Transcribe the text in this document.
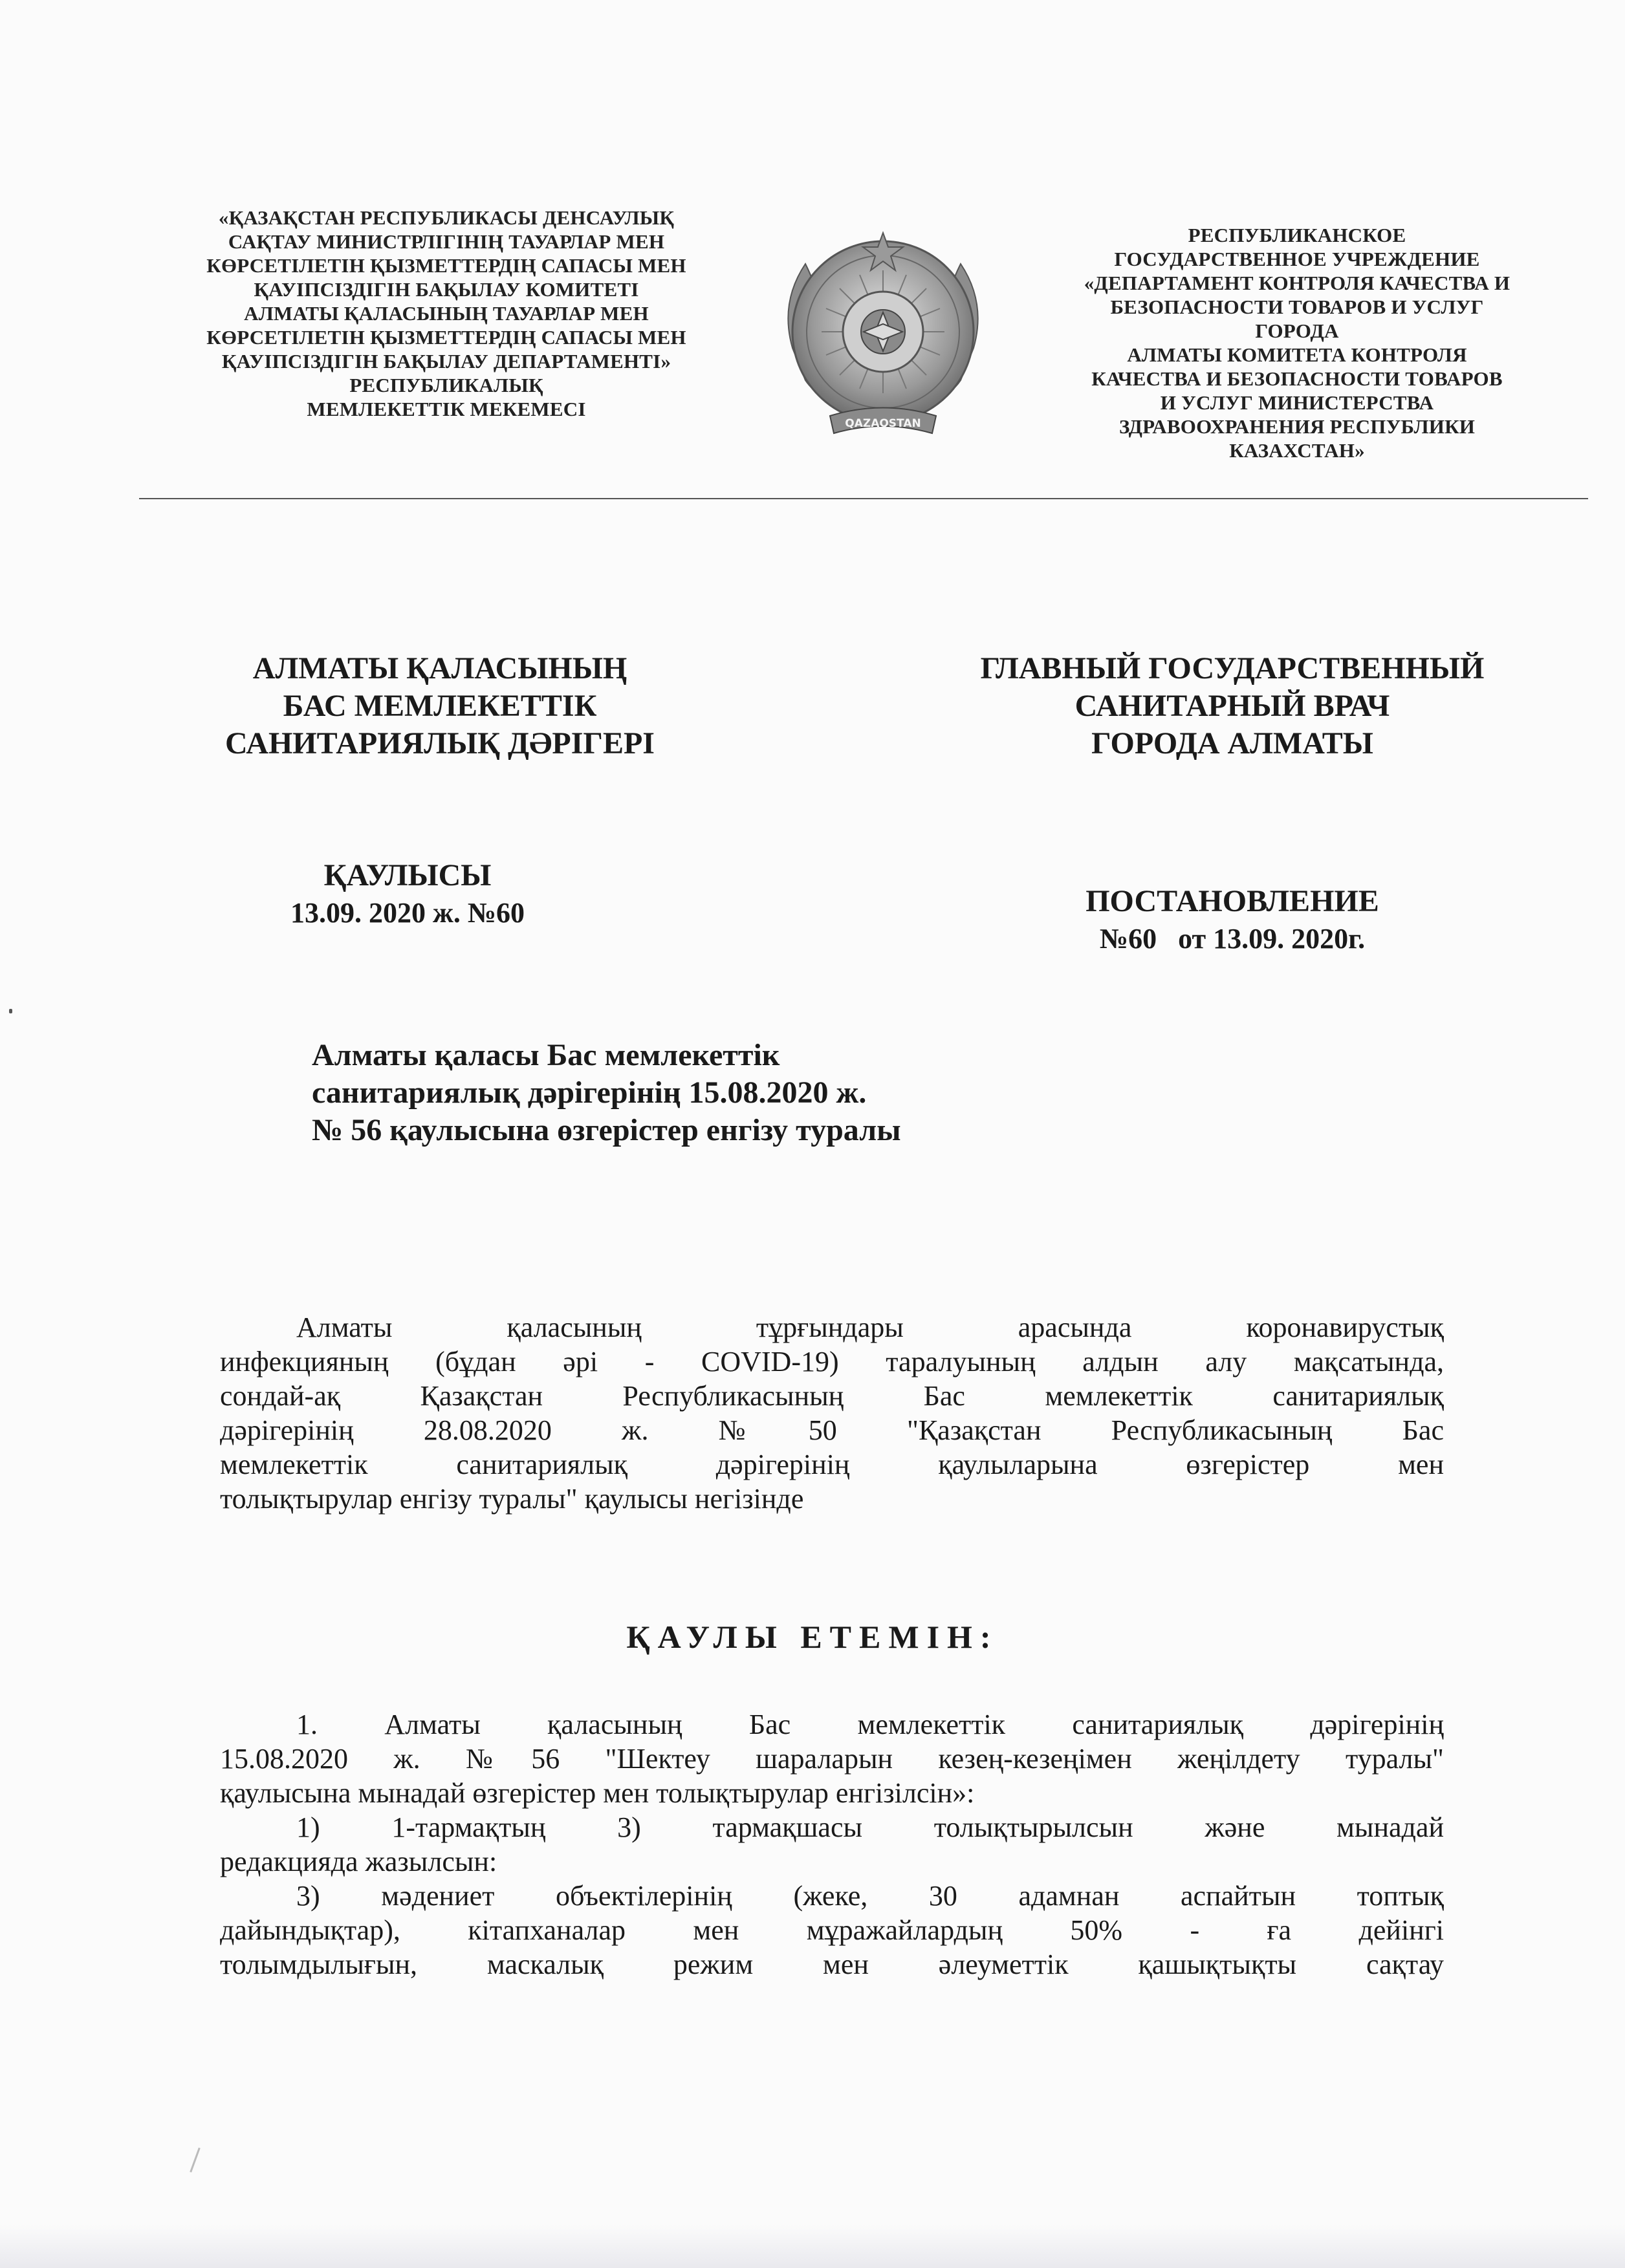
«ҚАЗАҚСТАН РЕСПУБЛИКАСЫ ДЕНСАУЛЫҚ
САҚТАУ МИНИСТРЛІГІНІҢ ТАУАРЛАР МЕН
КӨРСЕТІЛЕТІН ҚЫЗМЕТТЕРДІҢ САПАСЫ МЕН
ҚАУІПСІЗДІГІН БАҚЫЛАУ КОМИТЕТІ
АЛМАТЫ ҚАЛАСЫНЫҢ ТАУАРЛАР МЕН
КӨРСЕТІЛЕТІН ҚЫЗМЕТТЕРДІҢ САПАСЫ МЕН
ҚАУІПСІЗДІГІН БАҚЫЛАУ ДЕПАРТАМЕНТІ»
РЕСПУБЛИКАЛЫҚ
МЕМЛЕКЕТТІК МЕКЕМЕСІ
QAZAQSTAN
РЕСПУБЛИКАНСКОЕ
ГОСУДАРСТВЕННОЕ УЧРЕЖДЕНИЕ
«ДЕПАРТАМЕНТ КОНТРОЛЯ КАЧЕСТВА И
БЕЗОПАСНОСТИ ТОВАРОВ И УСЛУГ
ГОРОДА
АЛМАТЫ КОМИТЕТА КОНТРОЛЯ
КАЧЕСТВА И БЕЗОПАСНОСТИ ТОВАРОВ
И УСЛУГ МИНИСТЕРСТВА
ЗДРАВООХРАНЕНИЯ РЕСПУБЛИКИ
КАЗАХСТАН»
АЛМАТЫ ҚАЛАСЫНЫҢ
БАС МЕМЛЕКЕТТІК
САНИТАРИЯЛЫҚ ДӘРІГЕРІ
ГЛАВНЫЙ ГОСУДАРСТВЕННЫЙ
САНИТАРНЫЙ ВРАЧ
ГОРОДА АЛМАТЫ
ҚАУЛЫСЫ
13.09. 2020 ж. №60	ПОСТАНОВЛЕНИЕ
№60   от 13.09. 2020г.
Алматы қаласы Бас мемлекеттік
санитариялық дәрігерінің 15.08.2020 ж.
№ 56 қаулысына өзгерістер енгізу туралы
Алматы қаласының тұрғындары арасында коронавирустық
инфекцияның (бұдан әрі - COVID-19) таралуының алдын алу мақсатында,
сондай-ақ Қазақстан Республикасының Бас мемлекеттік санитариялық
дәрігерінің 28.08.2020 ж. №50 "Қазақстан Республикасының Бас
мемлекеттік санитариялық дәрігерінің қаулыларына өзгерістер мен
толықтырулар енгізу туралы" қаулысы негізінде
ҚАУЛЫ ЕТЕМІН:
1. Алматы қаласының Бас мемлекеттік санитариялық дәрігерінің
15.08.2020 ж. №56 "Шектеу шараларын кезең-кезеңімен жеңілдету туралы"
қаулысына мынадай өзгерістер мен толықтырулар енгізілсін»:
1) 1-тармақтың 3) тармақшасы толықтырылсын және мынадай
редакцияда жазылсын:
3) мәдениет объектілерінің (жеке, 30 адамнан аспайтын топтық
дайындықтар), кітапханалар мен мұражайлардың 50% - ға дейінгі
толымдылығын, маскалық режим мен әлеуметтік қашықтықты сақтау
